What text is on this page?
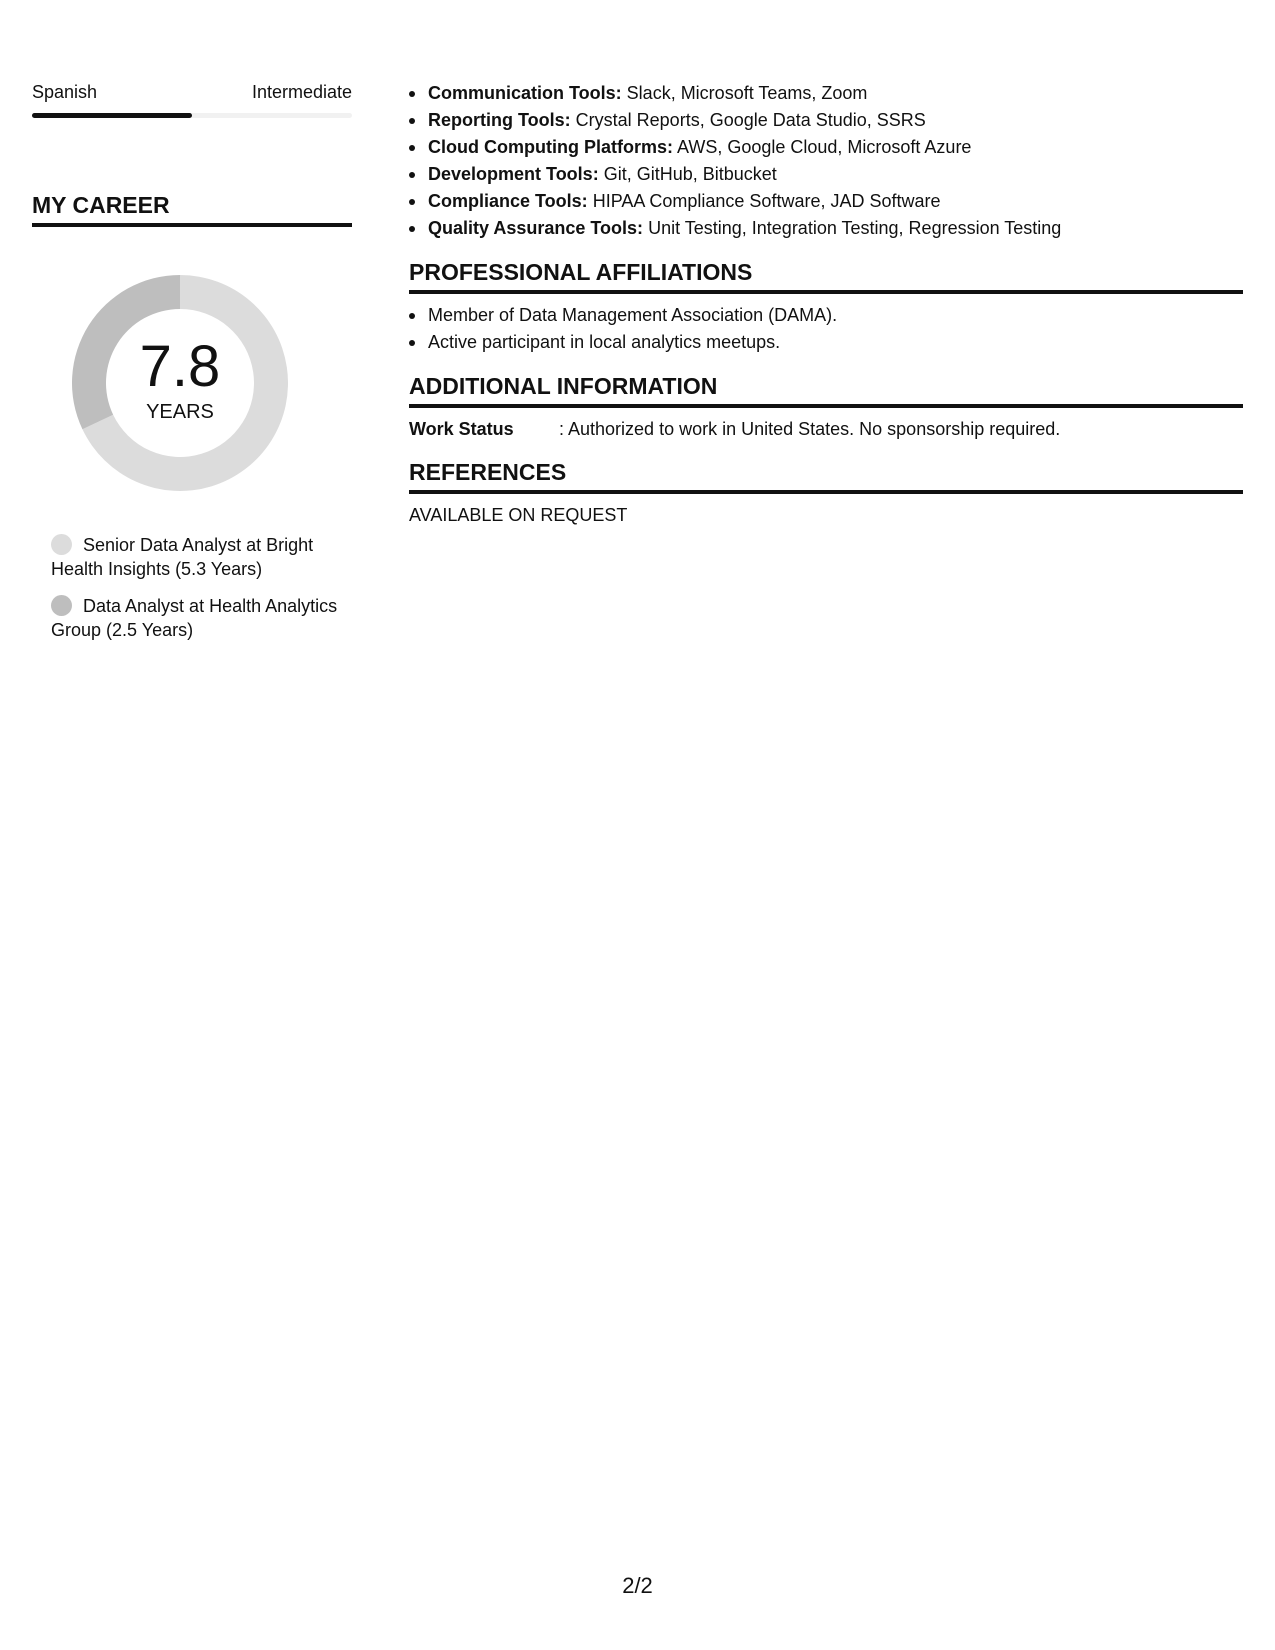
Spanish	Intermediate
MY CAREER
7.8
YEARS
Senior Data Analyst at Bright Health Insights (5.3 Years)
Data Analyst at Health Analytics Group (2.5 Years)
Communication Tools: Slack, Microsoft Teams, Zoom
Reporting Tools: Crystal Reports, Google Data Studio, SSRS
Cloud Computing Platforms: AWS, Google Cloud, Microsoft Azure
Development Tools: Git, GitHub, Bitbucket
Compliance Tools: HIPAA Compliance Software, JAD Software
Quality Assurance Tools: Unit Testing, Integration Testing, Regression Testing
PROFESSIONAL AFFILIATIONS
Member of Data Management Association (DAMA).
Active participant in local analytics meetups.
ADDITIONAL INFORMATION
Work Status	: Authorized to work in United States. No sponsorship required.
REFERENCES
AVAILABLE ON REQUEST
2/2
